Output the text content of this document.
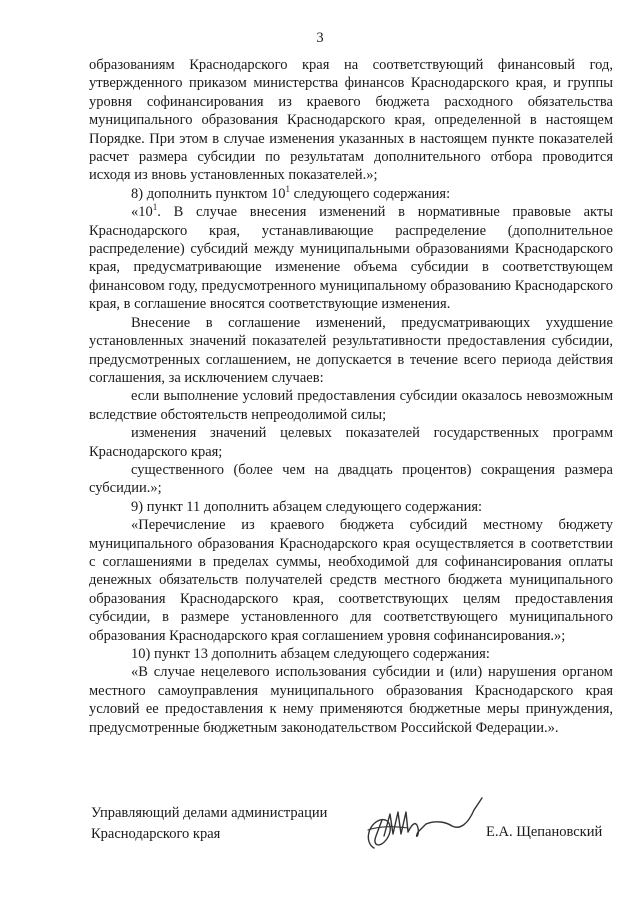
3

образованиям Краснодарского края на соответствующий финансовый год, утвержденного приказом министерства финансов Краснодарского края, и группы уровня софинансирования из краевого бюджета расходного обязательства муниципального образования Краснодарского края, определенной в настоящем Порядке. При этом в случае изменения указанных в настоящем пункте показателей расчет размера субсидии по результатам дополнительного отбора проводится исходя из вновь установленных показателей.»;

8) дополнить пунктом $10^1$ следующего содержания:

«$10^1$. В случае внесения изменений в нормативные правовые акты Краснодарского края, устанавливающие распределение (дополнительное распределение) субсидий между муниципальными образованиями Краснодарского края, предусматривающие изменение объема субсидии в соответствующем финансовом году, предусмотренного муниципальному образованию Краснодарского края, в соглашение вносятся соответствующие изменения.

Внесение в соглашение изменений, предусматривающих ухудшение установленных значений показателей результативности предоставления субсидии, предусмотренных соглашением, не допускается в течение всего периода действия соглашения, за исключением случаев:

если выполнение условий предоставления субсидии оказалось невозможным вследствие обстоятельств непреодолимой силы;

изменения значений целевых показателей государственных программ Краснодарского края;

существенного (более чем на двадцать процентов) сокращения размера субсидии.»;

9) пункт 11 дополнить абзацем следующего содержания:

«Перечисление из краевого бюджета субсидий местному бюджету муниципального образования Краснодарского края осуществляется в соответствии с соглашениями в пределах суммы, необходимой для софинансирования оплаты денежных обязательств получателей средств местного бюджета муниципального образования Краснодарского края, соответствующих целям предоставления субсидии, в размере установленного для соответствующего муниципального образования Краснодарского края соглашением уровня софинансирования.»;

10) пункт 13 дополнить абзацем следующего содержания:

«В случае нецелевого использования субсидии и (или) нарушения органом местного самоуправления муниципального образования Краснодарского края условий ее предоставления к нему применяются бюджетные меры принуждения, предусмотренные бюджетным законодательством Российской Федерации.».

Управляющий делами администрации
Краснодарского края	Е.А. Щепановский
